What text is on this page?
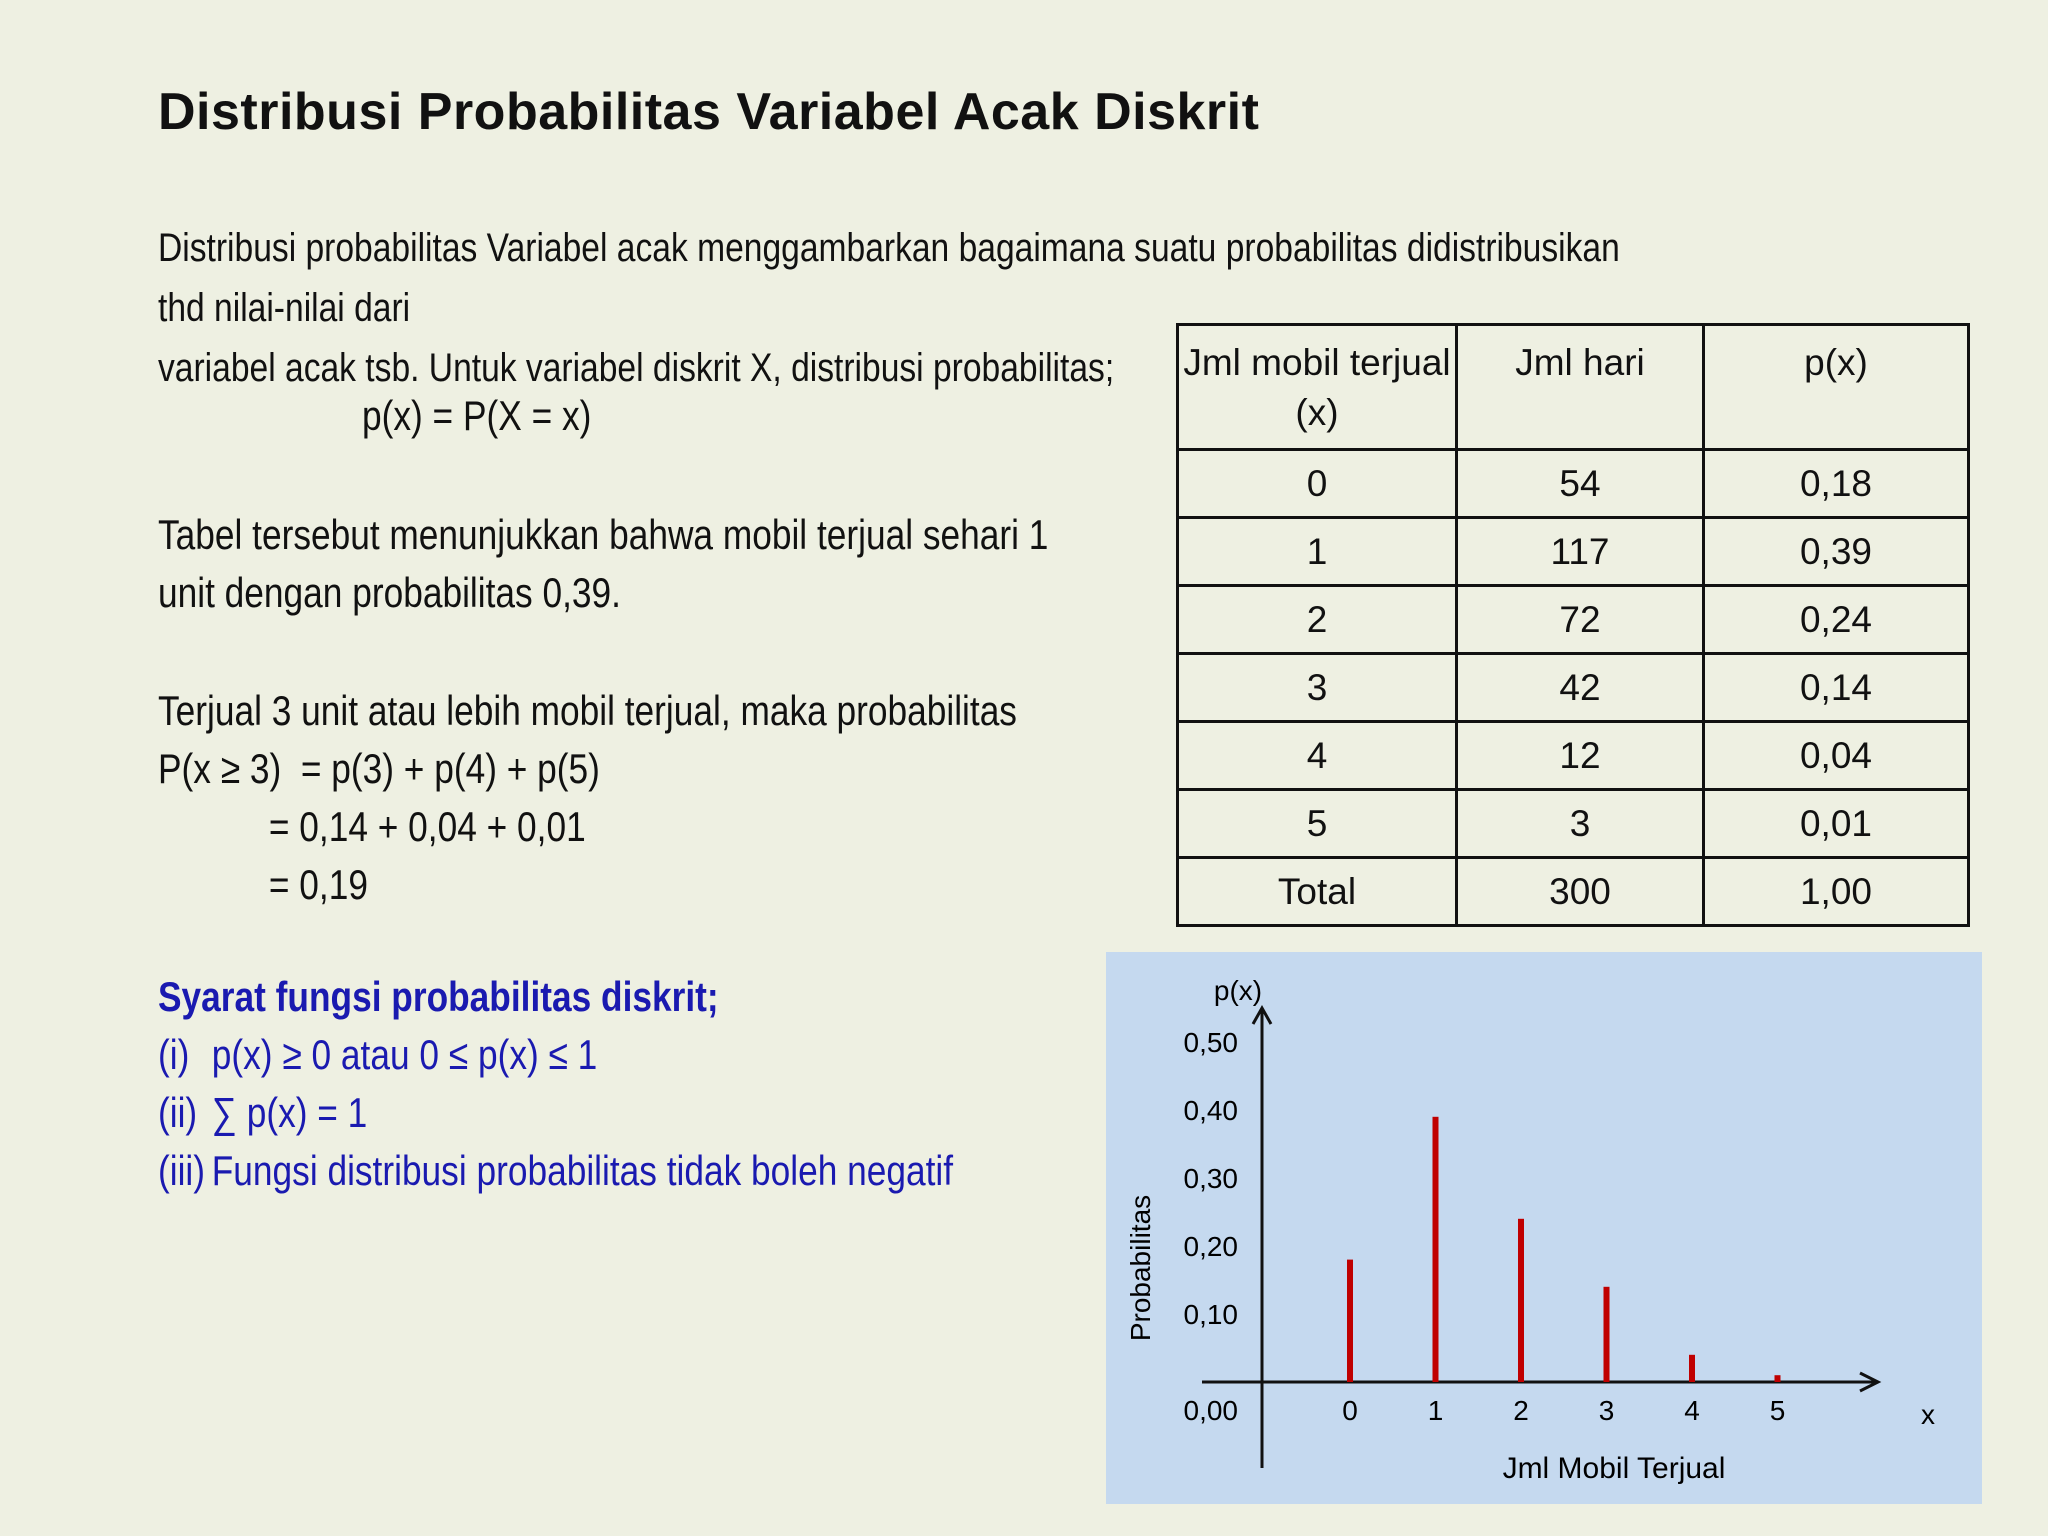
Distribusi Probabilitas Variabel Acak Diskrit
Distribusi probabilitas Variabel acak menggambarkan bagaimana suatu probabilitas didistribusikan thd nilai-nilai dari
variabel acak tsb. Untuk variabel diskrit X, distribusi probabilitas;
p(x) = P(X = x)

Tabel tersebut menunjukkan bahwa mobil terjual sehari 1

unit dengan probabilitas 0,39.

Terjual 3 unit atau lebih mobil terjual, maka probabilitas

P(x ≥ 3)  = p(3) + p(4) + p(5)

= 0,14 + 0,04 + 0,01

= 0,19

Syarat fungsi probabilitas diskrit;

(i) p(x) ≥ 0 atau 0 ≤ p(x) ≤ 1
(ii) ∑ p(x) = 1
(iii) Fungsi distribusi probabilitas tidak boleh negatif
Jml mobil terjual (x)	Jml hari	p(x)
0	54	0,18
1	117	0,39
2	72	0,24
3	42	0,14
4	12	0,04
5	3	0,01
Total	300	1,00
Probabilitas
p(x)
x
Jml Mobil Terjual
0,00
0,10
0,20
0,30
0,40
0,50
0 1 2 3 4 5
